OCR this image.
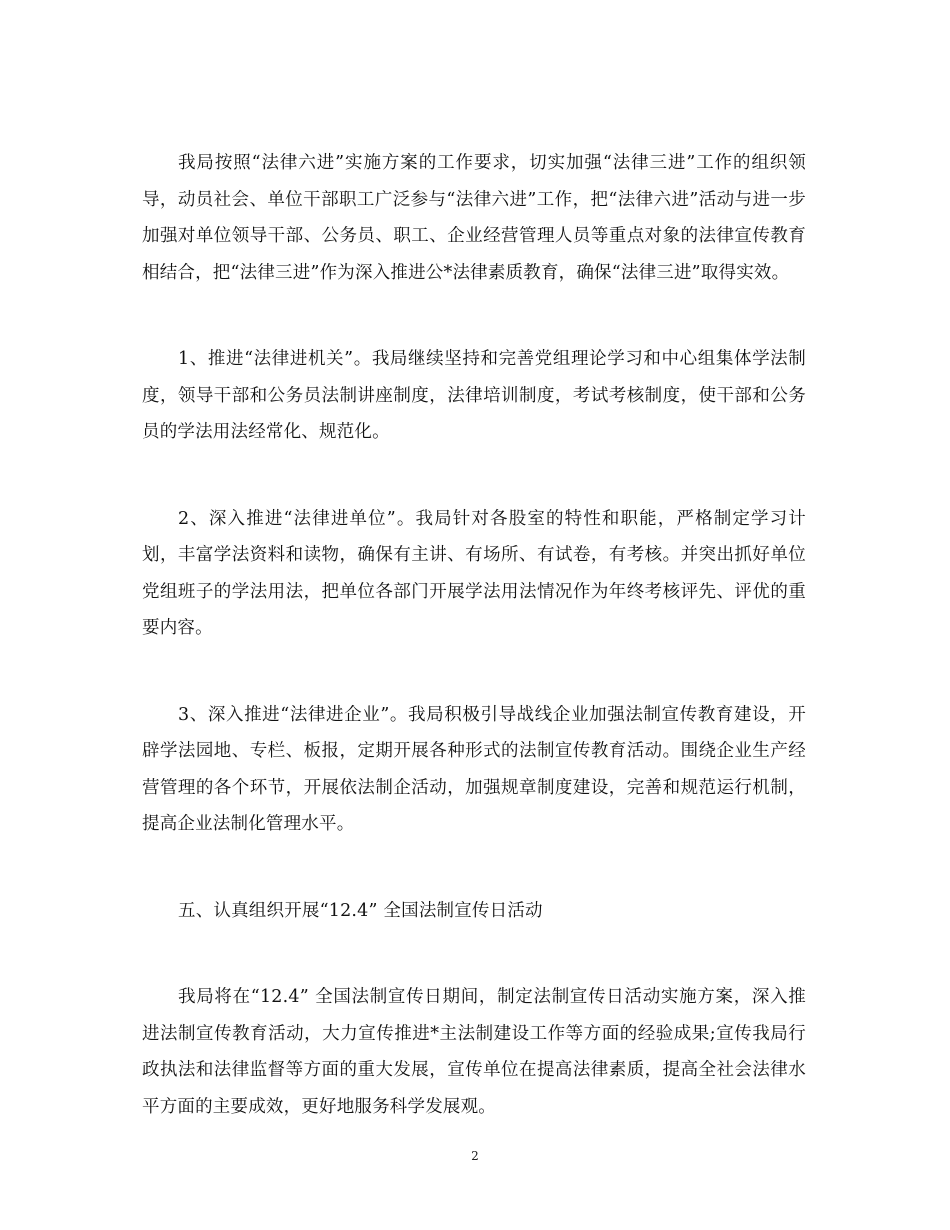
我局按照“法律六进”实施方案的工作要求，切实加强“法律三进”工作的组织领导，动员社会、单位干部职工广泛参与“法律六进”工作，把“法律六进”活动与进一步加强对单位领导干部、公务员、职工、企业经营管理人员等重点对象的法律宣传教育相结合，把“法律三进”作为深入推进公*法律素质教育，确保“法律三进”取得实效。

1、推进“法律进机关”。我局继续坚持和完善党组理论学习和中心组集体学法制度，领导干部和公务员法制讲座制度，法律培训制度，考试考核制度，使干部和公务员的学法用法经常化、规范化。

2、深入推进“法律进单位”。我局针对各股室的特性和职能，严格制定学习计划，丰富学法资料和读物，确保有主讲、有场所、有试卷，有考核。并突出抓好单位党组班子的学法用法，把单位各部门开展学法用法情况作为年终考核评先、评优的重要内容。

3、深入推进“法律进企业”。我局积极引导战线企业加强法制宣传教育建设，开辟学法园地、专栏、板报，定期开展各种形式的法制宣传教育活动。围绕企业生产经营管理的各个环节，开展依法制企活动，加强规章制度建设，完善和规范运行机制，提高企业法制化管理水平。

五、认真组织开展“12.4” 全国法制宣传日活动

我局将在“12.4” 全国法制宣传日期间，制定法制宣传日活动实施方案，深入推进法制宣传教育活动，大力宣传推进*主法制建设工作等方面的经验成果;宣传我局行政执法和法律监督等方面的重大发展，宣传单位在提高法律素质，提高全社会法律水平方面的主要成效，更好地服务科学发展观。

2
